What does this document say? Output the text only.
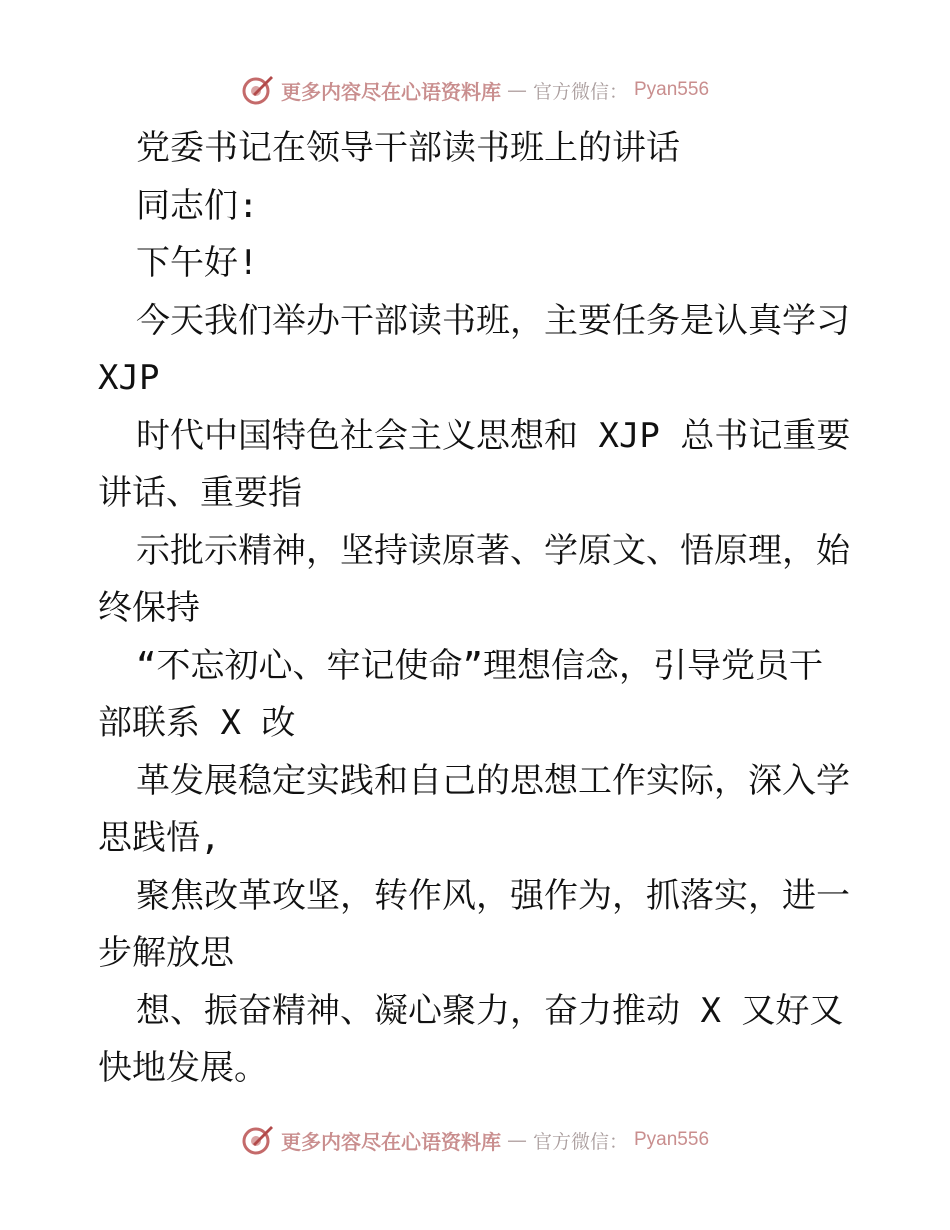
更多内容尽在心语资料库 — 官方微信： Pyan556
党委书记在领导干部读书班上的讲话
同志们:
下午好!
今天我们举办干部读书班，主要任务是认真学习
XJP
时代中国特色社会主义思想和 XJP 总书记重要
讲话、重要指
示批示精神，坚持读原著、学原文、悟原理，始
终保持
“不忘初心、牢记使命”理想信念，引导党员干
部联系 X 改
革发展稳定实践和自己的思想工作实际，深入学
思践悟,
聚焦改革攻坚，转作风，强作为，抓落实，进一
步解放思
想、振奋精神、凝心聚力，奋力推动 X 又好又
快地发展。
更多内容尽在心语资料库 — 官方微信： Pyan556
